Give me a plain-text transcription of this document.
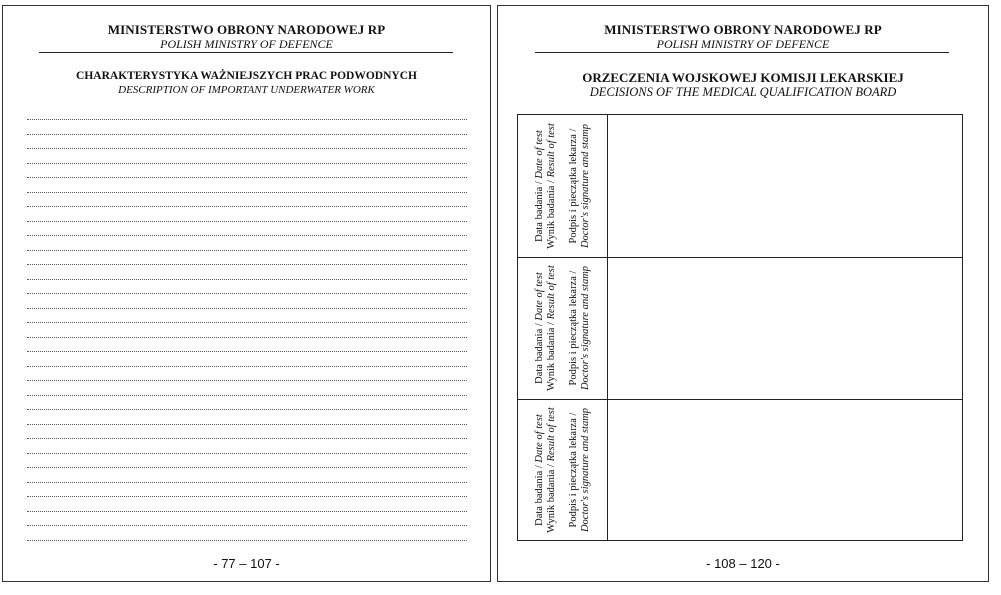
MINISTERSTWO OBRONY NARODOWEJ RP
POLISH MINISTRY OF DEFENCE
CHARAKTERYSTYKA WAŻNIEJSZYCH PRAC PODWODNYCH
DESCRIPTION OF IMPORTANT UNDERWATER WORK
- 77 – 107 -
MINISTERSTWO OBRONY NARODOWEJ RP
POLISH MINISTRY OF DEFENCE
ORZECZENIA WOJSKOWEJ KOMISJI LEKARSKIEJ
DECISIONS OF THE MEDICAL QUALIFICATION BOARD
Data badania / Date of test
Wynik badania / Result of test Podpis i pieczątka lekarza / Doctor's signature and stamp
Data badania / Date of test
Wynik badania / Result of test Podpis i pieczątka lekarza / Doctor's signature and stamp
Data badania / Date of test
Wynik badania / Result of test Podpis i pieczątka lekarza / Doctor's signature and stamp
- 108 – 120 -
